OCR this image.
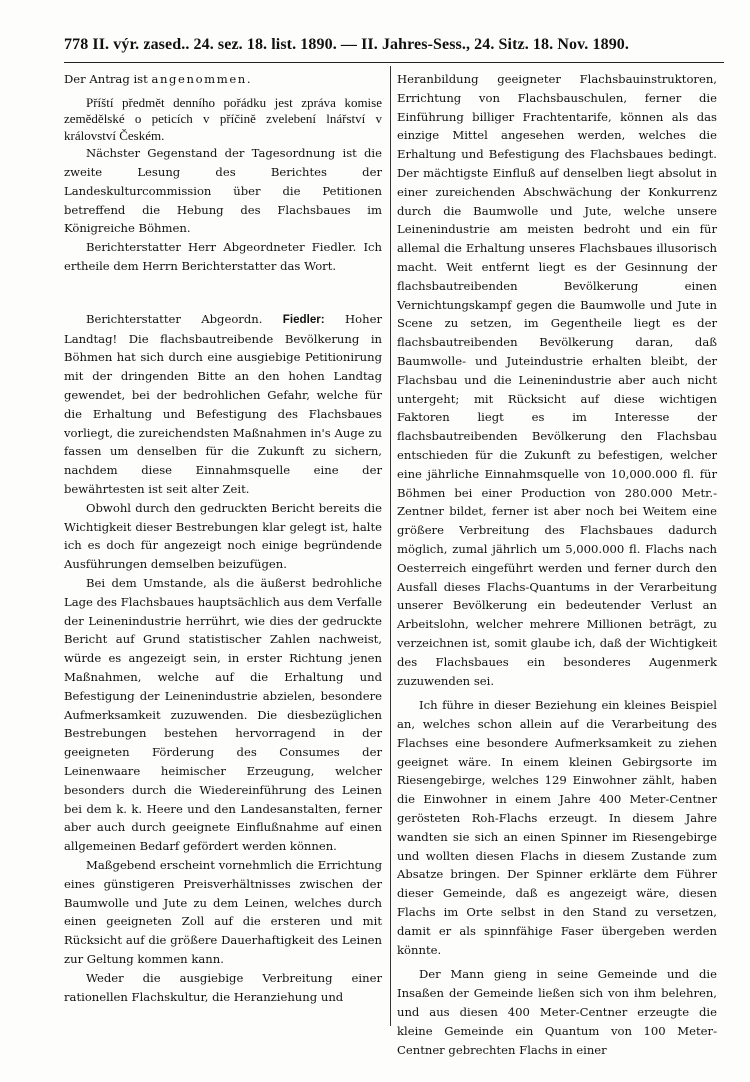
778 II. výr. zased.. 24. sez. 18. list. 1890. — II. Jahres-Sess., 24. Sitz. 18. Nov. 1890.

Der Antrag ist angenommen.

Příští předmět denního pořádku jest zpráva komise zemědělské o peticích v příčině zvelebení lnářství v království Českém.

Nächster Gegenstand der Tagesordnung ist die zweite Lesung des Berichtes der Landeskulturcommission über die Petitionen betreffend die Hebung des Flachsbaues im Königreiche Böhmen.

Berichterstatter Herr Abgeordneter Fiedler. Ich ertheile dem Herrn Berichterstatter das Wort.

Berichterstatter Abgeordn. Fiedler: Hoher Landtag! Die flachsbautreibende Bevölkerung in Böhmen hat sich durch eine ausgiebige Petitionirung mit der dringenden Bitte an den hohen Landtag gewendet, bei der bedrohlichen Gefahr, welche für die Erhaltung und Befestigung des Flachsbaues vorliegt, die zureichendsten Maßnahmen in's Auge zu fassen um denselben für die Zukunft zu sichern, nachdem diese Einnahmsquelle eine der bewährtesten ist seit alter Zeit.

Obwohl durch den gedruckten Bericht bereits die Wichtigkeit dieser Bestrebungen klar gelegt ist, halte ich es doch für angezeigt noch einige begründende Ausführungen demselben beizufügen.

Bei dem Umstande, als die äußerst bedrohliche Lage des Flachsbaues hauptsächlich aus dem Verfalle der Leinenindustrie herrührt, wie dies der gedruckte Bericht auf Grund statistischer Zahlen nachweist, würde es angezeigt sein, in erster Richtung jenen Maßnahmen, welche auf die Erhaltung und Befestigung der Leinenindustrie abzielen, besondere Aufmerksamkeit zuzuwenden. Die diesbezüglichen Bestrebungen bestehen hervorragend in der geeigneten Förderung des Consumes der Leinenwaare heimischer Erzeugung, welcher besonders durch die Wiedereinführung des Leinen bei dem k. k. Heere und den Landesanstalten, ferner aber auch durch geeignete Einflußnahme auf einen allgemeinen Bedarf gefördert werden können.

Maßgebend erscheint vornehmlich die Errichtung eines günstigeren Preisverhältnisses zwischen der Baumwolle und Jute zu dem Leinen, welches durch einen geeigneten Zoll auf die ersteren und mit Rücksicht auf die größere Dauerhaftigkeit des Leinen zur Geltung kommen kann.

Weder die ausgiebige Verbreitung einer rationellen Flachskultur, die Heranziehung und

Heranbildung geeigneter Flachsbauinstruktoren, Errichtung von Flachsbauschulen, ferner die Einführung billiger Frachtentarife, können als das einzige Mittel angesehen werden, welches die Erhaltung und Befestigung des Flachsbaues bedingt. Der mächtigste Einfluß auf denselben liegt absolut in einer zureichenden Abschwächung der Konkurrenz durch die Baumwolle und Jute, welche unsere Leinenindustrie am meisten bedroht und ein für allemal die Erhaltung unseres Flachsbaues illusorisch macht. Weit entfernt liegt es der Gesinnung der flachsbautreibenden Bevölkerung einen Vernichtungskampf gegen die Baumwolle und Jute in Scene zu setzen, im Gegentheile liegt es der flachsbautreibenden Bevölkerung daran, daß Baumwolle- und Juteindustrie erhalten bleibt, der Flachsbau und die Leinenindustrie aber auch nicht untergeht; mit Rücksicht auf diese wichtigen Faktoren liegt es im Interesse der flachsbautreibenden Bevölkerung den Flachsbau entschieden für die Zukunft zu befestigen, welcher eine jährliche Einnahmsquelle von 10,000.000 fl. für Böhmen bei einer Production von 280.000 Metr.-Zentner bildet, ferner ist aber noch bei Weitem eine größere Verbreitung des Flachsbaues dadurch möglich, zumal jährlich um 5,000.000 fl. Flachs nach Oesterreich eingeführt werden und ferner durch den Ausfall dieses Flachs-Quantums in der Verarbeitung unserer Bevölkerung ein bedeutender Verlust an Arbeitslohn, welcher mehrere Millionen beträgt, zu verzeichnen ist, somit glaube ich, daß der Wichtigkeit des Flachsbaues ein besonderes Augenmerk zuzuwenden sei.

Ich führe in dieser Beziehung ein kleines Beispiel an, welches schon allein auf die Verarbeitung des Flachses eine besondere Aufmerksamkeit zu ziehen geeignet wäre. In einem kleinen Gebirgsorte im Riesengebirge, welches 129 Einwohner zählt, haben die Einwohner in einem Jahre 400 Meter-Centner gerösteten Roh-Flachs erzeugt. In diesem Jahre wandten sie sich an einen Spinner im Riesengebirge und wollten diesen Flachs in diesem Zustande zum Absatze bringen. Der Spinner erklärte dem Führer dieser Gemeinde, daß es angezeigt wäre, diesen Flachs im Orte selbst in den Stand zu versetzen, damit er als spinnfähige Faser übergeben werden könnte.

Der Mann gieng in seine Gemeinde und die Insaßen der Gemeinde ließen sich von ihm belehren, und aus diesen 400 Meter-Centner erzeugte die kleine Gemeinde ein Quantum von 100 Meter-Centner gebrechten Flachs in einer
